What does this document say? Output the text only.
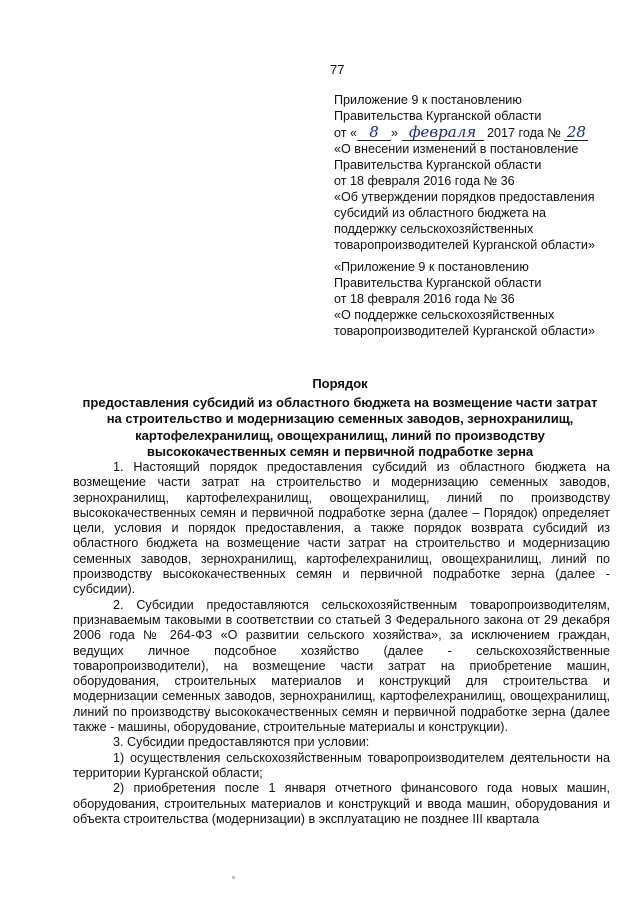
77
Приложение 9 к постановлению
Правительства Курганской области
от « 8 » февраля 2017 года № 28
«О внесении изменений в постановление
Правительства Курганской области
от 18 февраля 2016 года № 36
«Об утверждении порядков предоставления
субсидий из областного бюджета на
поддержку сельскохозяйственных
товаропроизводителей Курганской области»
«Приложение 9 к постановлению
Правительства Курганской области
от 18 февраля 2016 года № 36
«О поддержке сельскохозяйственных
товаропроизводителей Курганской области»
Порядок
предоставления субсидий из областного бюджета на возмещение части затрат
на строительство и модернизацию семенных заводов, зернохранилищ,
картофелехранилищ, овощехранилищ, линий по производству
высококачественных семян и первичной подработке зерна

1. Настоящий порядок предоставления субсидий из областного бюджета на возмещение части затрат на строительство и модернизацию семенных заводов, зернохранилищ, картофелехранилищ, овощехранилищ, линий по производству высококачественных семян и первичной подработке зерна (далее – Порядок) определяет цели, условия и порядок предоставления, а также порядок возврата субсидий из областного бюджета на возмещение части затрат на строительство и модернизацию семенных заводов, зернохранилищ, картофелехранилищ, овощехранилищ, линий по производству высококачественных семян и первичной подработке зерна (далее - субсидии).

2. Субсидии предоставляются сельскохозяйственным товаропроизводителям, признаваемым таковыми в соответствии со статьей 3 Федерального закона от 29 декабря 2006 года № 264-ФЗ «О развитии сельского хозяйства», за исключением граждан, ведущих личное подсобное хозяйство (далее - сельскохозяйственные товаропроизводители), на возмещение части затрат на приобретение машин, оборудования, строительных материалов и конструкций для строительства и модернизации семенных заводов, зернохранилищ, картофелехранилищ, овощехранилищ, линий по производству высококачественных семян и первичной подработке зерна (далее также - машины, оборудование, строительные материалы и конструкции).

3. Субсидии предоставляются при условии:

1) осуществления сельскохозяйственным товаропроизводителем деятельности на территории Курганской области;

2) приобретения после 1 января отчетного финансового года новых машин, оборудования, строительных материалов и конструкций и ввода машин, оборудования и объекта строительства (модернизации) в эксплуатацию не позднее III квартала
